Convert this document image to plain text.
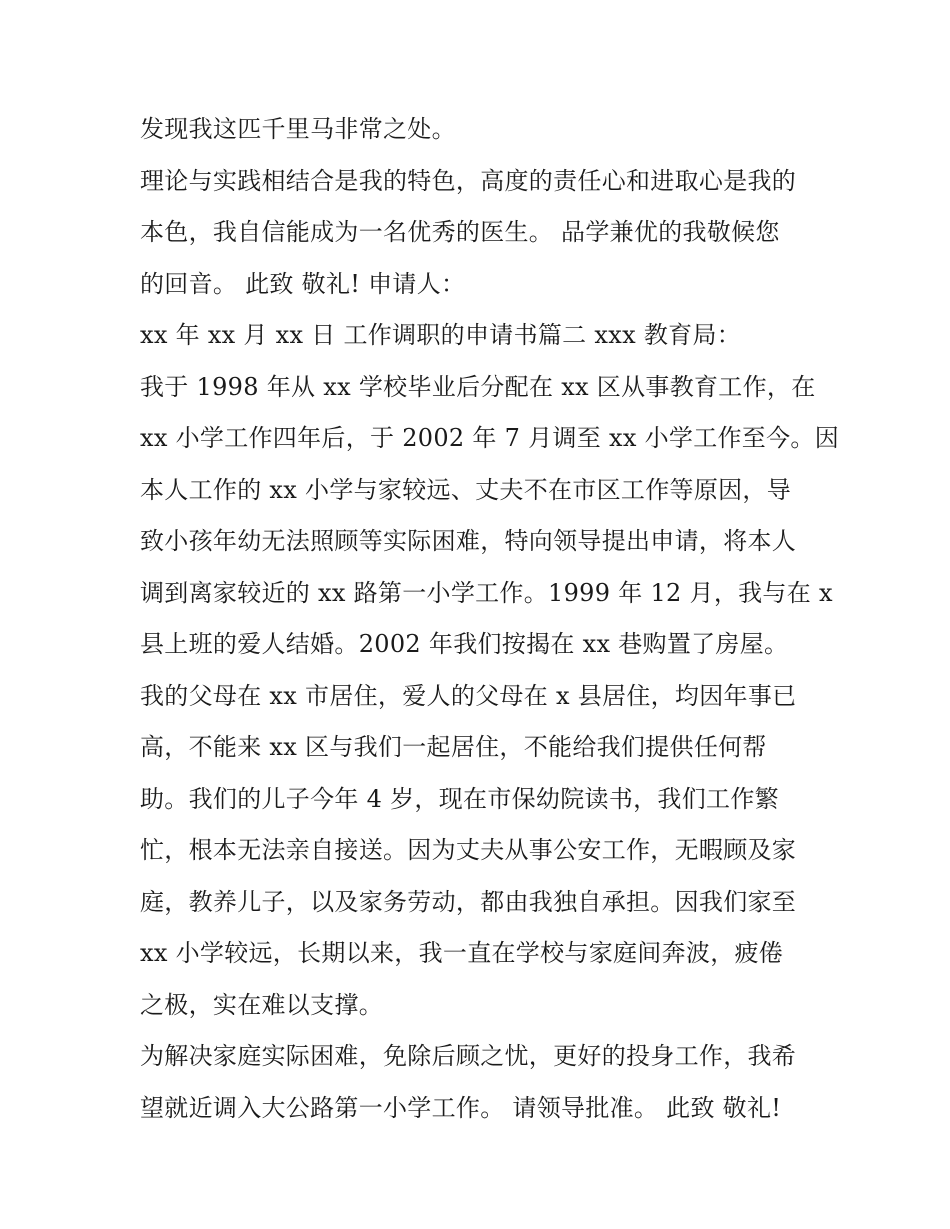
发现我这匹千里马非常之处。
理论与实践相结合是我的特色，高度的责任心和进取心是我的
本色，我自信能成为一名优秀的医生。 品学兼优的我敬候您
的回音。 此致 敬礼! 申请人：
xx 年 xx 月 xx 日 工作调职的申请书篇二 xxx 教育局：
我于 1998 年从 xx 学校毕业后分配在 xx 区从事教育工作，在
xx 小学工作四年后，于 2002 年 7 月调至 xx 小学工作至今。因
本人工作的 xx 小学与家较远、丈夫不在市区工作等原因，导
致小孩年幼无法照顾等实际困难，特向领导提出申请，将本人
调到离家较近的 xx 路第一小学工作。1999 年 12 月，我与在 x
县上班的爱人结婚。2002 年我们按揭在 xx 巷购置了房屋。
我的父母在 xx 市居住，爱人的父母在 x 县居住，均因年事已
高，不能来 xx 区与我们一起居住，不能给我们提供任何帮
助。我们的儿子今年 4 岁，现在市保幼院读书，我们工作繁
忙，根本无法亲自接送。因为丈夫从事公安工作，无暇顾及家
庭，教养儿子，以及家务劳动，都由我独自承担。因我们家至
xx 小学较远，长期以来，我一直在学校与家庭间奔波，疲倦
之极，实在难以支撑。
为解决家庭实际困难，免除后顾之忧，更好的投身工作，我希
望就近调入大公路第一小学工作。 请领导批准。 此致 敬礼!
